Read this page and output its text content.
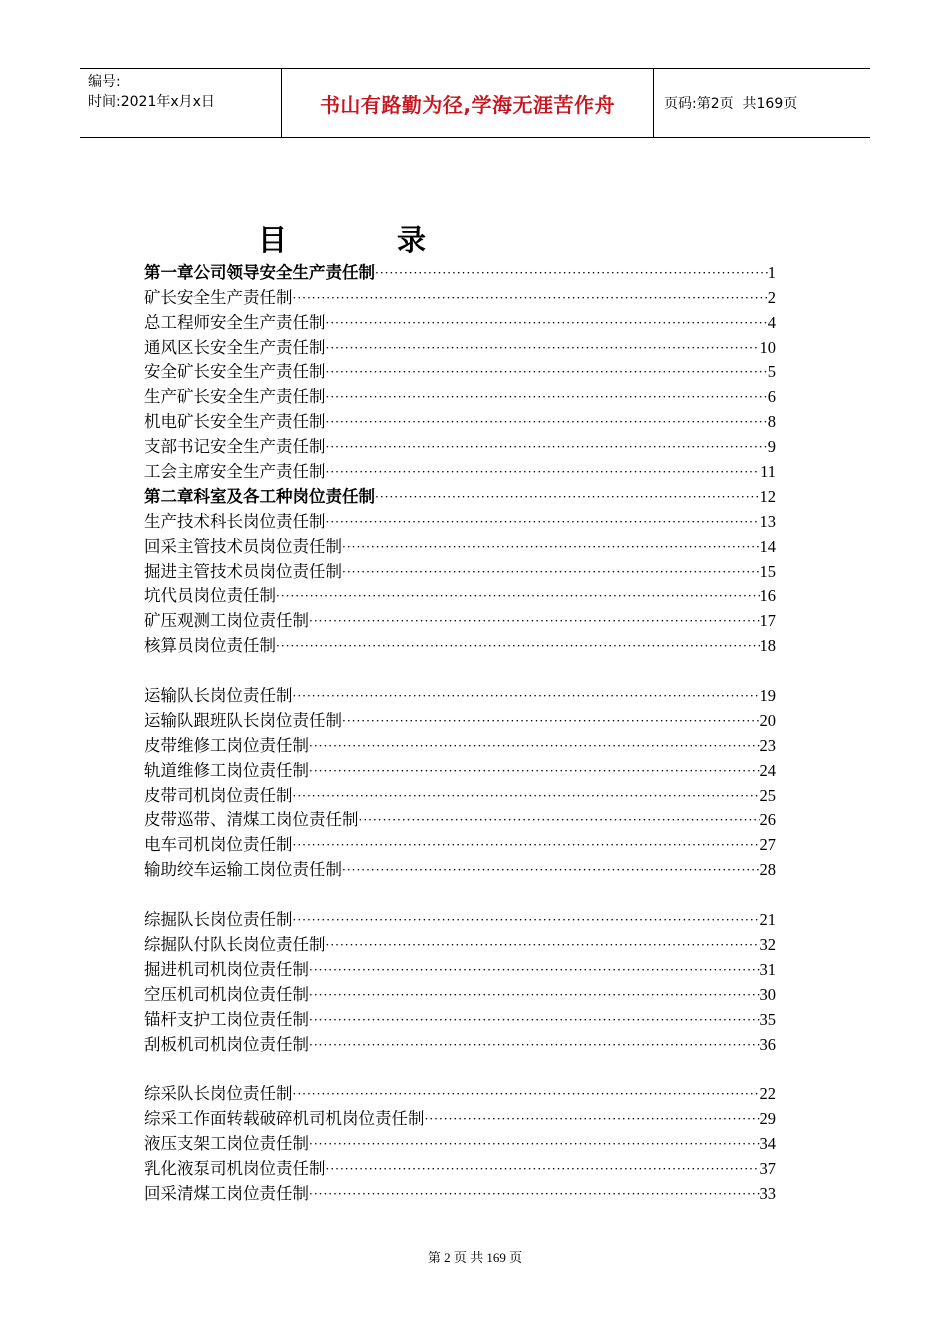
编号:
时间:2021年x月x日	书山有路勤为径,学海无涯苦作舟	页码:第2页  共169页
目	录
第一章公司领导安全生产责任制 ·····	1
矿长安全生产责任制 ·····	2
总工程师安全生产责任制 ·····	4
通风区长安全生产责任制 ·····	10
安全矿长安全生产责任制 ·····	5
生产矿长安全生产责任制 ·····	6
机电矿长安全生产责任制 ·····	8
支部书记安全生产责任制 ·····	9
工会主席安全生产责任制 ·····	11
第二章科室及各工种岗位责任制 ·····	12
生产技术科长岗位责任制 ·····	13
回采主管技术员岗位责任制 ·····	14
掘进主管技术员岗位责任制 ·····	15
坑代员岗位责任制 ·····	16
矿压观测工岗位责任制 ·····	17
核算员岗位责任制 ·····	18
运输队长岗位责任制 ·····	19
运输队跟班队长岗位责任制 ·····	20
皮带维修工岗位责任制 ·····	23
轨道维修工岗位责任制 ·····	24
皮带司机岗位责任制 ·····	25
皮带巡带、清煤工岗位责任制 ·····	26
电车司机岗位责任制 ·····	27
输助绞车运输工岗位责任制 ·····	28
综掘队长岗位责任制 ·····	21
综掘队付队长岗位责任制 ·····	32
掘进机司机岗位责任制 ·····	31
空压机司机岗位责任制 ·····	30
锚杆支护工岗位责任制 ·····	35
刮板机司机岗位责任制 ·····	36
综采队长岗位责任制 ·····	22
综采工作面转载破碎机司机岗位责任制 ·····	29
液压支架工岗位责任制 ·····	34
乳化液泵司机岗位责任制 ·····	37
回采清煤工岗位责任制 ·····	33
第 2 页 共 169 页
